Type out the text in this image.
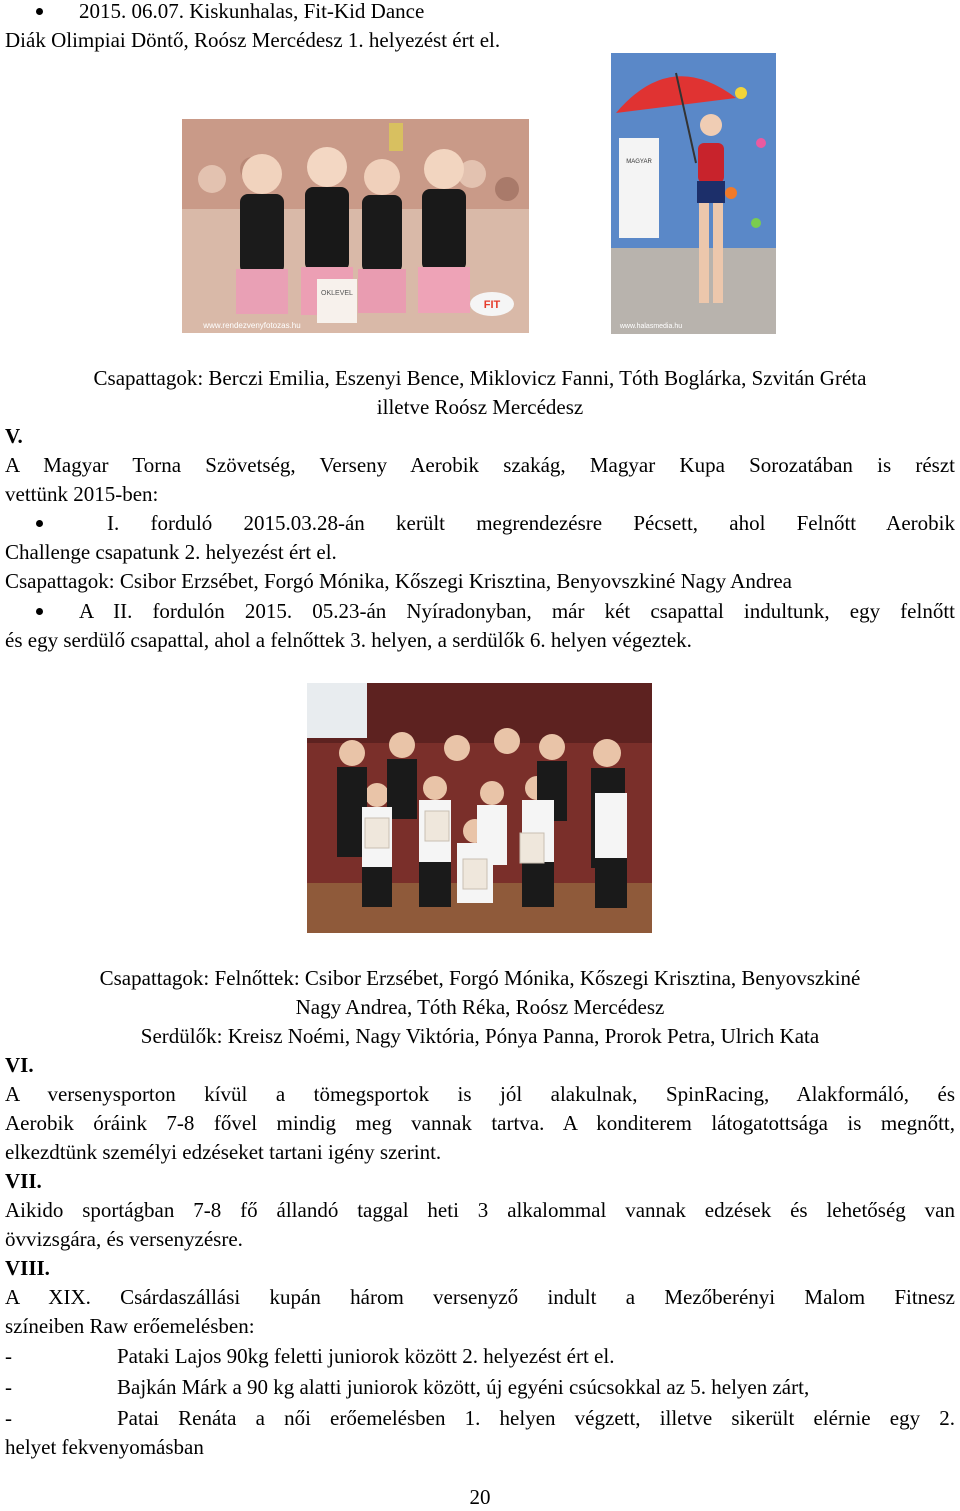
2015. 06.07. Kiskunhalas, Fit-Kid Dance
Diák Olimpiai Döntő, Roósz Mercédesz 1. helyezést ért el.
OKLEVEL
FIT
www.rendezvenyfotozas.hu
MAGYAR
www.halasmedia.hu
Csapattagok: Berczi Emilia, Eszenyi Bence, Miklovicz Fanni, Tóth Boglárka, Szvitán Gréta
illetve Roósz Mercédesz
V.
A Magyar Torna Szövetség, Verseny Aerobik szakág, Magyar Kupa Sorozatában is részt
vettünk 2015-ben:
I. forduló 2015.03.28-án került megrendezésre Pécsett, ahol Felnőtt Aerobik
Challenge csapatunk 2. helyezést ért el.
Csapattagok: Csibor Erzsébet, Forgó Mónika, Kőszegi Krisztina, Benyovszkiné Nagy Andrea
A II. fordulón 2015. 05.23-án Nyíradonyban, már két csapattal indultunk, egy felnőtt
és egy serdülő csapattal, ahol a felnőttek 3. helyen, a serdülők 6. helyen végeztek.
Csapattagok: Felnőttek: Csibor Erzsébet, Forgó Mónika, Kőszegi Krisztina, Benyovszkiné
Nagy Andrea, Tóth Réka, Roósz Mercédesz
Serdülők: Kreisz Noémi, Nagy Viktória, Pónya Panna, Prorok Petra, Ulrich Kata
VI.
A versenysporton kívül a tömegsportok is jól alakulnak, SpinRacing, Alakformáló, és
Aerobik óráink 7-8 fővel mindig meg vannak tartva. A konditerem látogatottsága is megnőtt,
elkezdtünk személyi edzéseket tartani igény szerint.
VII.
Aikido sportágban 7-8 fő állandó taggal heti 3 alkalommal vannak edzések és lehetőség van
övvizsgára, és versenyzésre.
VIII.
A XIX. Csárdaszállási kupán három versenyző indult a Mezőberényi Malom Fitnesz
színeiben Raw erőemelésben:
-	Pataki Lajos 90kg feletti juniorok között 2. helyezést ért el.
-	Bajkán Márk a 90 kg alatti juniorok között, új egyéni csúcsokkal az 5. helyen zárt,
-	Patai Renáta a női erőemelésben 1. helyen végzett, illetve sikerült elérnie egy 2.
helyet fekvenyomásban
20
